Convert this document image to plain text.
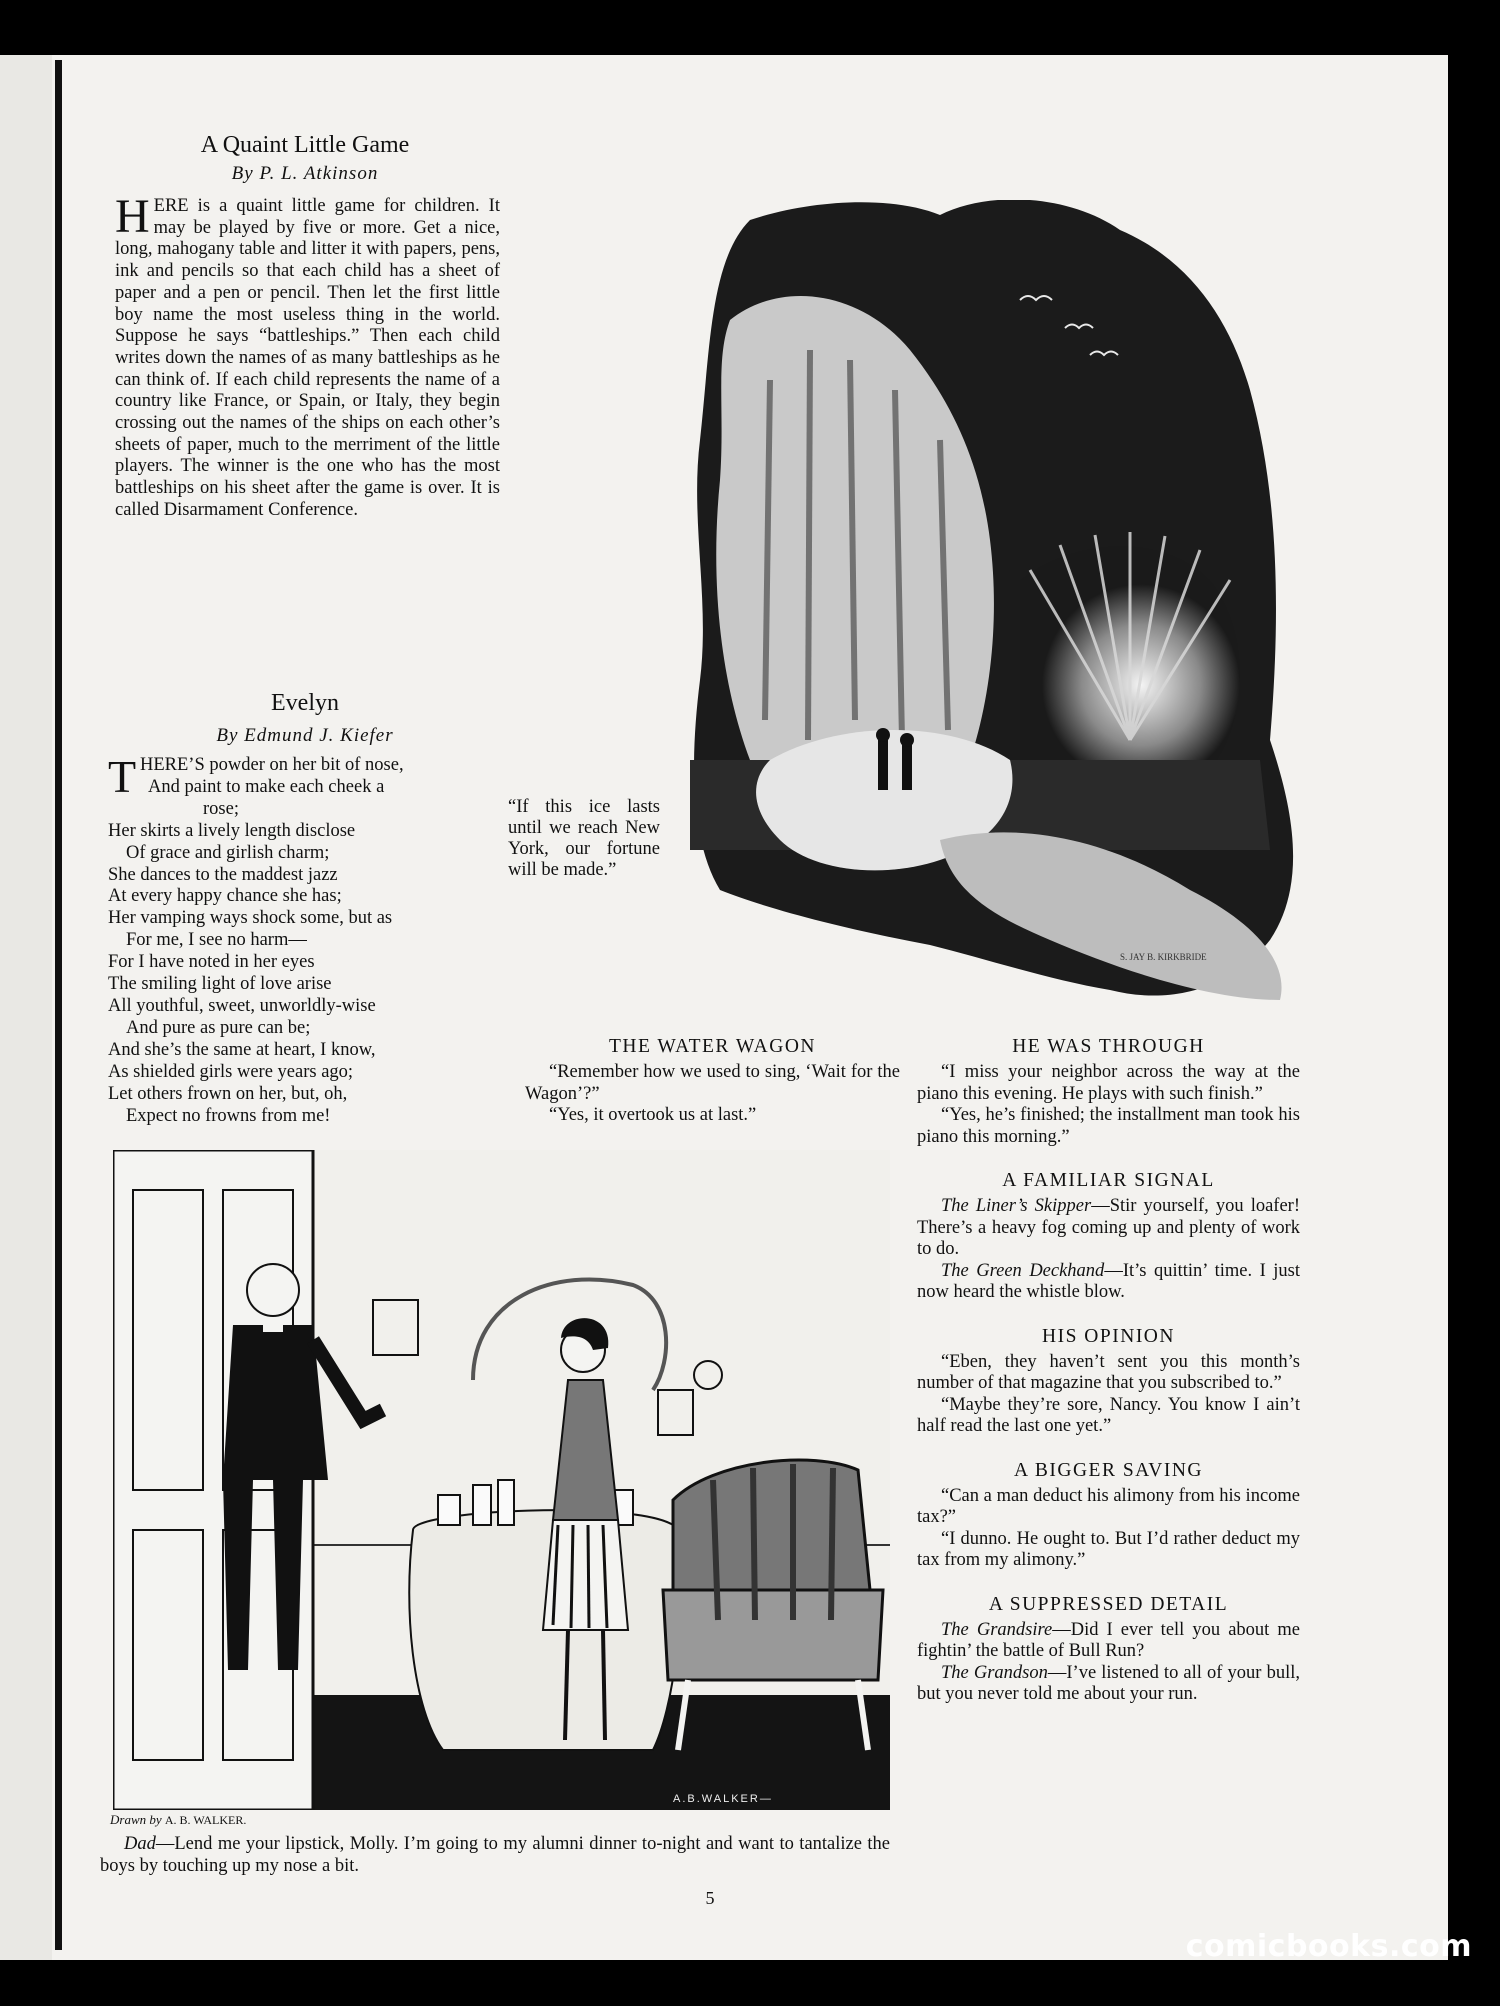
A Quaint Little Game
By P. L. Atkinson
HERE is a quaint little game for children. It may be played by five or more. Get a nice, long, mahogany table and litter it with papers, pens, ink and pencils so that each child has a sheet of paper and a pen or pencil. Then let the first little boy name the most useless thing in the world. Suppose he says “battleships.” Then each child writes down the names of as many battleships as he can think of. If each child represents the name of a country like France, or Spain, or Italy, they begin crossing out the names of the ships on each other’s sheets of paper, much to the merriment of the little players. The winner is the one who has the most battleships on his sheet after the game is over. It is called Disarmament Conference.
Evelyn
By Edmund J. Kiefer
T HERE’S powder on her bit of nose,
And paint to make each cheek a
rose;
Her skirts a lively length disclose
Of grace and girlish charm;
She dances to the maddest jazz
At every happy chance she has;
Her vamping ways shock some, but as
For me, I see no harm—
For I have noted in her eyes
The smiling light of love arise
All youthful, sweet, unworldly-wise
And pure as pure can be;
And she’s the same at heart, I know,
As shielded girls were years ago;
Let others frown on her, but, oh,
Expect no frowns from me!
S. JAY B. KIRKBRIDE
“If this ice lasts until we reach New York, our fortune will be made.”
THE WATER WAGON

“Remember how we used to sing, ‘Wait for the Wagon’?”

“Yes, it overtook us at last.”

HE WAS THROUGH

“I miss your neighbor across the way at the piano this evening. He plays with such finish.”

“Yes, he’s finished; the installment man took his piano this morning.”

A FAMILIAR SIGNAL

The Liner’s Skipper—Stir yourself, you loafer! There’s a heavy fog coming up and plenty of work to do.

The Green Deckhand—It’s quittin’ time. I just now heard the whistle blow.

HIS OPINION

“Eben, they haven’t sent you this month’s number of that magazine that you subscribed to.”

“Maybe they’re sore, Nancy. You know I ain’t half read the last one yet.”

A BIGGER SAVING

“Can a man deduct his alimony from his income tax?”

“I dunno. He ought to. But I’d rather deduct my tax from my alimony.”

A SUPPRESSED DETAIL

The Grandsire—Did I ever tell you about me fightin’ the battle of Bull Run?

The Grandson—I’ve listened to all of your bull, but you never told me about your run.

A.B.WALKER—
Drawn by A. B. WALKER.
Dad—Lend me your lipstick, Molly. I’m going to my alumni dinner to-night and want to tantalize the boys by touching up my nose a bit.
5
comicbooks.com
